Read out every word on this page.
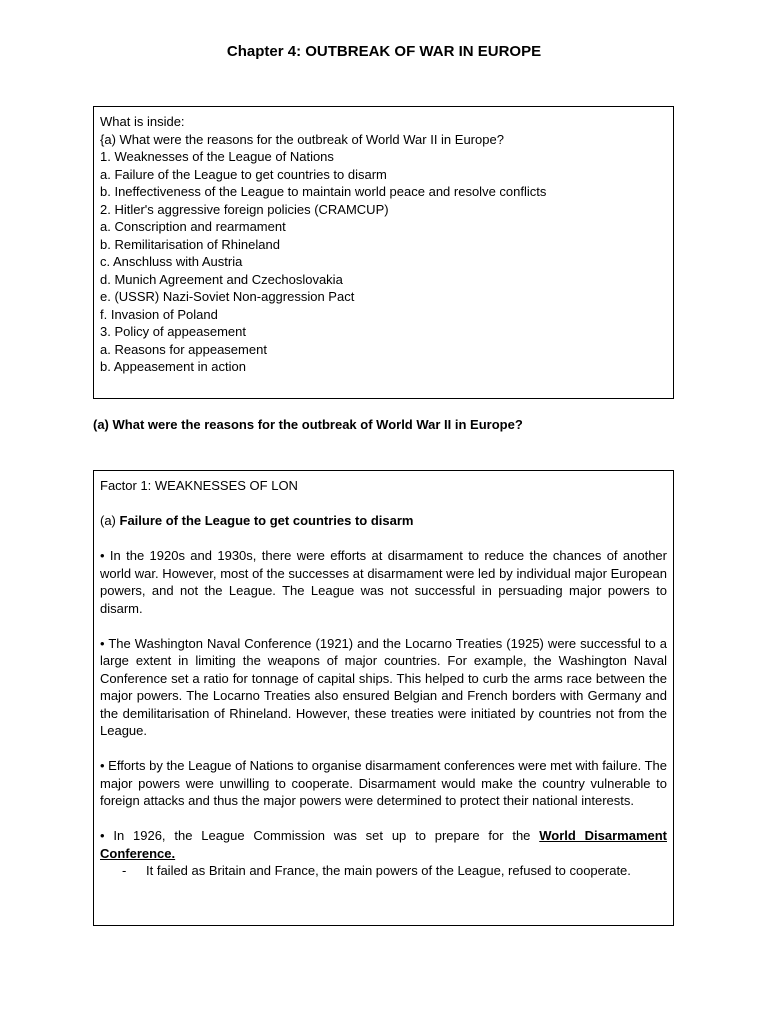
Chapter 4: OUTBREAK OF WAR IN EUROPE

What is inside:

{a) What were the reasons for the outbreak of World War II in Europe?

1. Weaknesses of the League of Nations

a. Failure of the League to get countries to disarm

b. Ineffectiveness of the League to maintain world peace and resolve conflicts

2. Hitler's aggressive foreign policies (CRAMCUP)

a. Conscription and rearmament

b. Remilitarisation of Rhineland

c. Anschluss with Austria

d. Munich Agreement and Czechoslovakia

e. (USSR) Nazi-Soviet Non-aggression Pact

f. Invasion of Poland

3. Policy of appeasement

a. Reasons for appeasement

b. Appeasement in action

(a) What were the reasons for the outbreak of World War II in Europe?

Factor 1: WEAKNESSES OF LON

(a) Failure of the League to get countries to disarm

• In the 1920s and 1930s, there were efforts at disarmament to reduce the chances of another world war. However, most of the successes at disarmament were led by individual major European powers, and not the League. The League was not successful in persuading major powers to disarm.

• The Washington Naval Conference (1921) and the Locarno Treaties (1925) were successful to a large extent in limiting the weapons of major countries. For example, the Washington Naval Conference set a ratio for tonnage of capital ships. This helped to curb the arms race between the major powers. The Locarno Treaties also ensured Belgian and French borders with Germany and the demilitarisation of Rhineland. However, these treaties were initiated by countries not from the League.

• Efforts by the League of Nations to organise disarmament conferences were met with failure. The major powers were unwilling to cooperate. Disarmament would make the country vulnerable to foreign attacks and thus the major powers were determined to protect their national interests.

• In 1926, the League Commission was set up to prepare for the World Disarmament Conference.

-	It failed as Britain and France, the main powers of the League, refused to cooperate.
